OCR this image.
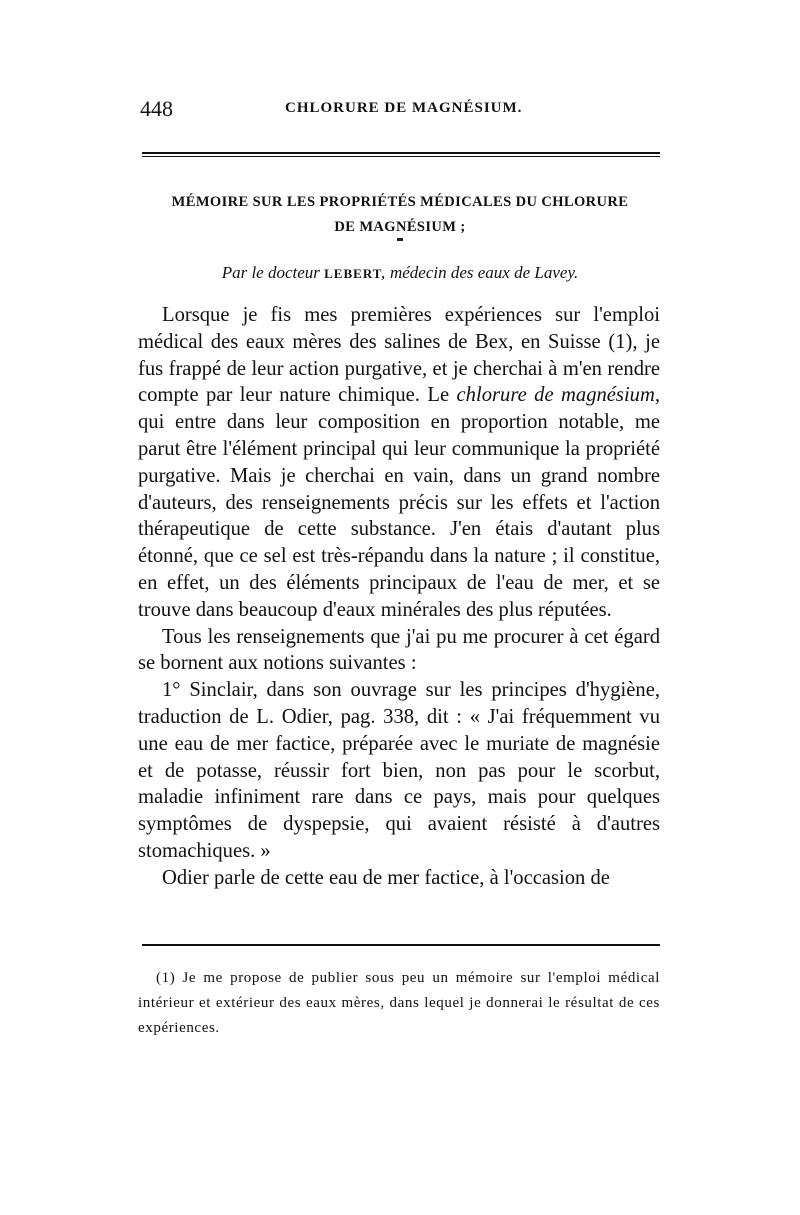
448	CHLORURE DE MAGNÉSIUM.
MÉMOIRE SUR LES PROPRIÉTÉS MÉDICALES DU CHLORURE
DE MAGNÉSIUM ;
Par le docteur LEBERT, médecin des eaux de Lavey.

Lorsque je fis mes premières expériences sur l'emploi médical des eaux mères des salines de Bex, en Suisse (1), je fus frappé de leur action purgative, et je cherchai à m'en rendre compte par leur nature chimique. Le chlorure de magnésium, qui entre dans leur composition en proportion notable, me parut être l'élément principal qui leur communique la propriété purgative. Mais je cherchai en vain, dans un grand nombre d'auteurs, des renseignements précis sur les effets et l'action thérapeutique de cette substance. J'en étais d'autant plus étonné, que ce sel est très-répandu dans la nature ; il constitue, en effet, un des éléments principaux de l'eau de mer, et se trouve dans beaucoup d'eaux minérales des plus réputées.

Tous les renseignements que j'ai pu me procurer à cet égard se bornent aux notions suivantes :

1° Sinclair, dans son ouvrage sur les principes d'hygiène, traduction de L. Odier, pag. 338, dit : « J'ai fréquemment vu une eau de mer factice, préparée avec le muriate de magnésie et de potasse, réussir fort bien, non pas pour le scorbut, maladie infiniment rare dans ce pays, mais pour quelques symptômes de dyspepsie, qui avaient résisté à d'autres stomachiques. »

Odier parle de cette eau de mer factice, à l'occasion de

(1) Je me propose de publier sous peu un mémoire sur l'emploi médical intérieur et extérieur des eaux mères, dans lequel je donnerai le résultat de ces expériences.
